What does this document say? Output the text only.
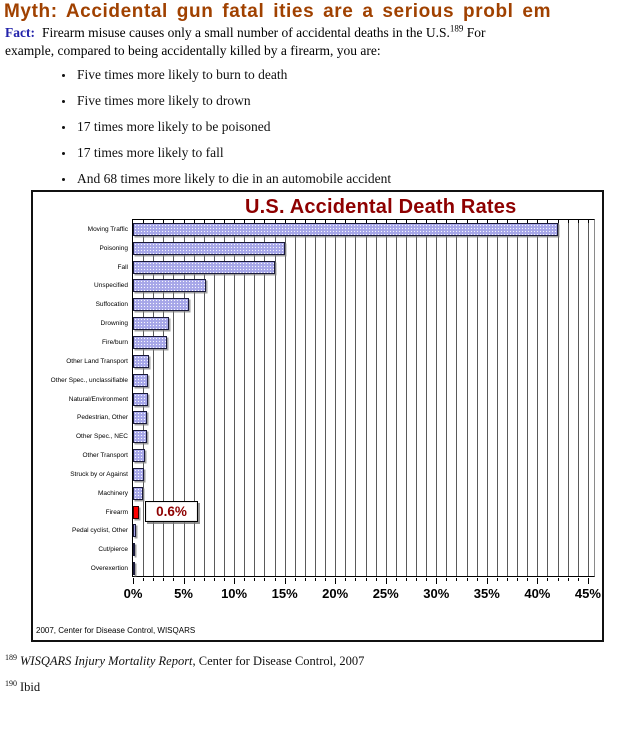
Myth: Accidental gun fatal ities are a serious probl em

Fact: Firearm misuse causes only a small number of accidental deaths in the U.S.$^{189}$ For
example, compared to being accidentally killed by a firearm, you are:

• Five times more likely to burn to death
• Five times more likely to drown
• 17 times more likely to be poisoned
• 17 times more likely to fall
• And 68 times more likely to die in an automobile accident
U.S. Accidental Death Rates
0% 5% 10% 15% 20% 25% 30% 35% 40% 45%
Moving Traffic
Poisoning
Fall
Unspecified
Suffocation
Drowning
Fire/burn
Other Land Transport
Other Spec., unclassifiable
Natural/Environment
Pedestrian, Other
Other Spec., NEC
Other Transport
Struck by or Against
Machinery
Firearm
Pedal cyclist, Other
Cut/pierce
Overexertion
0.6%
2007, Center for Disease Control, WISQARS
$^{189}$ WISQARS Injury Mortality Report, Center for Disease Control, 2007
$^{190}$ Ibid
